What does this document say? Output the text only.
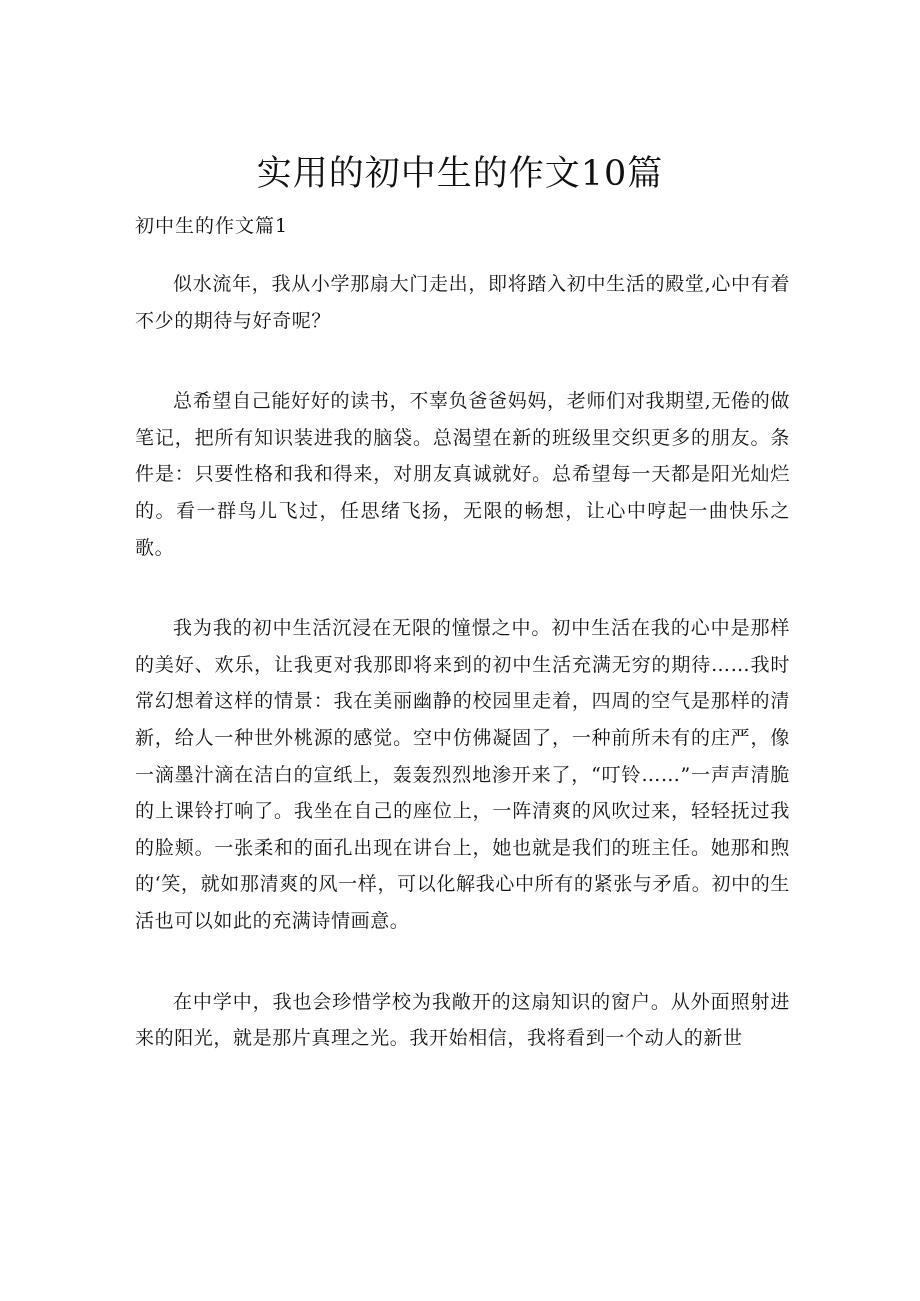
实用的初中生的作文10篇
初中生的作文篇1

似水流年，我从小学那扇大门走出，即将踏入初中生活的殿堂,心中有着不少的期待与好奇呢？

总希望自己能好好的读书，不辜负爸爸妈妈，老师们对我期望,无倦的做笔记，把所有知识装进我的脑袋。总渴望在新的班级里交织更多的朋友。条件是：只要性格和我和得来，对朋友真诚就好。总希望每一天都是阳光灿烂的。看一群鸟儿飞过，任思绪飞扬，无限的畅想，让心中哼起一曲快乐之歌。

我为我的初中生活沉浸在无限的憧憬之中。初中生活在我的心中是那样的美好、欢乐，让我更对我那即将来到的初中生活充满无穷的期待……我时常幻想着这样的情景：我在美丽幽静的校园里走着，四周的空气是那样的清新，给人一种世外桃源的感觉。空中仿佛凝固了，一种前所未有的庄严，像一滴墨汁滴在洁白的宣纸上，轰轰烈烈地渗开来了，“叮铃……”一声声清脆的上课铃打响了。我坐在自己的座位上，一阵清爽的风吹过来，轻轻抚过我的脸颊。一张柔和的面孔出现在讲台上，她也就是我们的班主任。她那和煦的‘笑，就如那清爽的风一样，可以化解我心中所有的紧张与矛盾。初中的生活也可以如此的充满诗情画意。

在中学中，我也会珍惜学校为我敞开的这扇知识的窗户。从外面照射进来的阳光，就是那片真理之光。我开始相信，我将看到一个动人的新世
